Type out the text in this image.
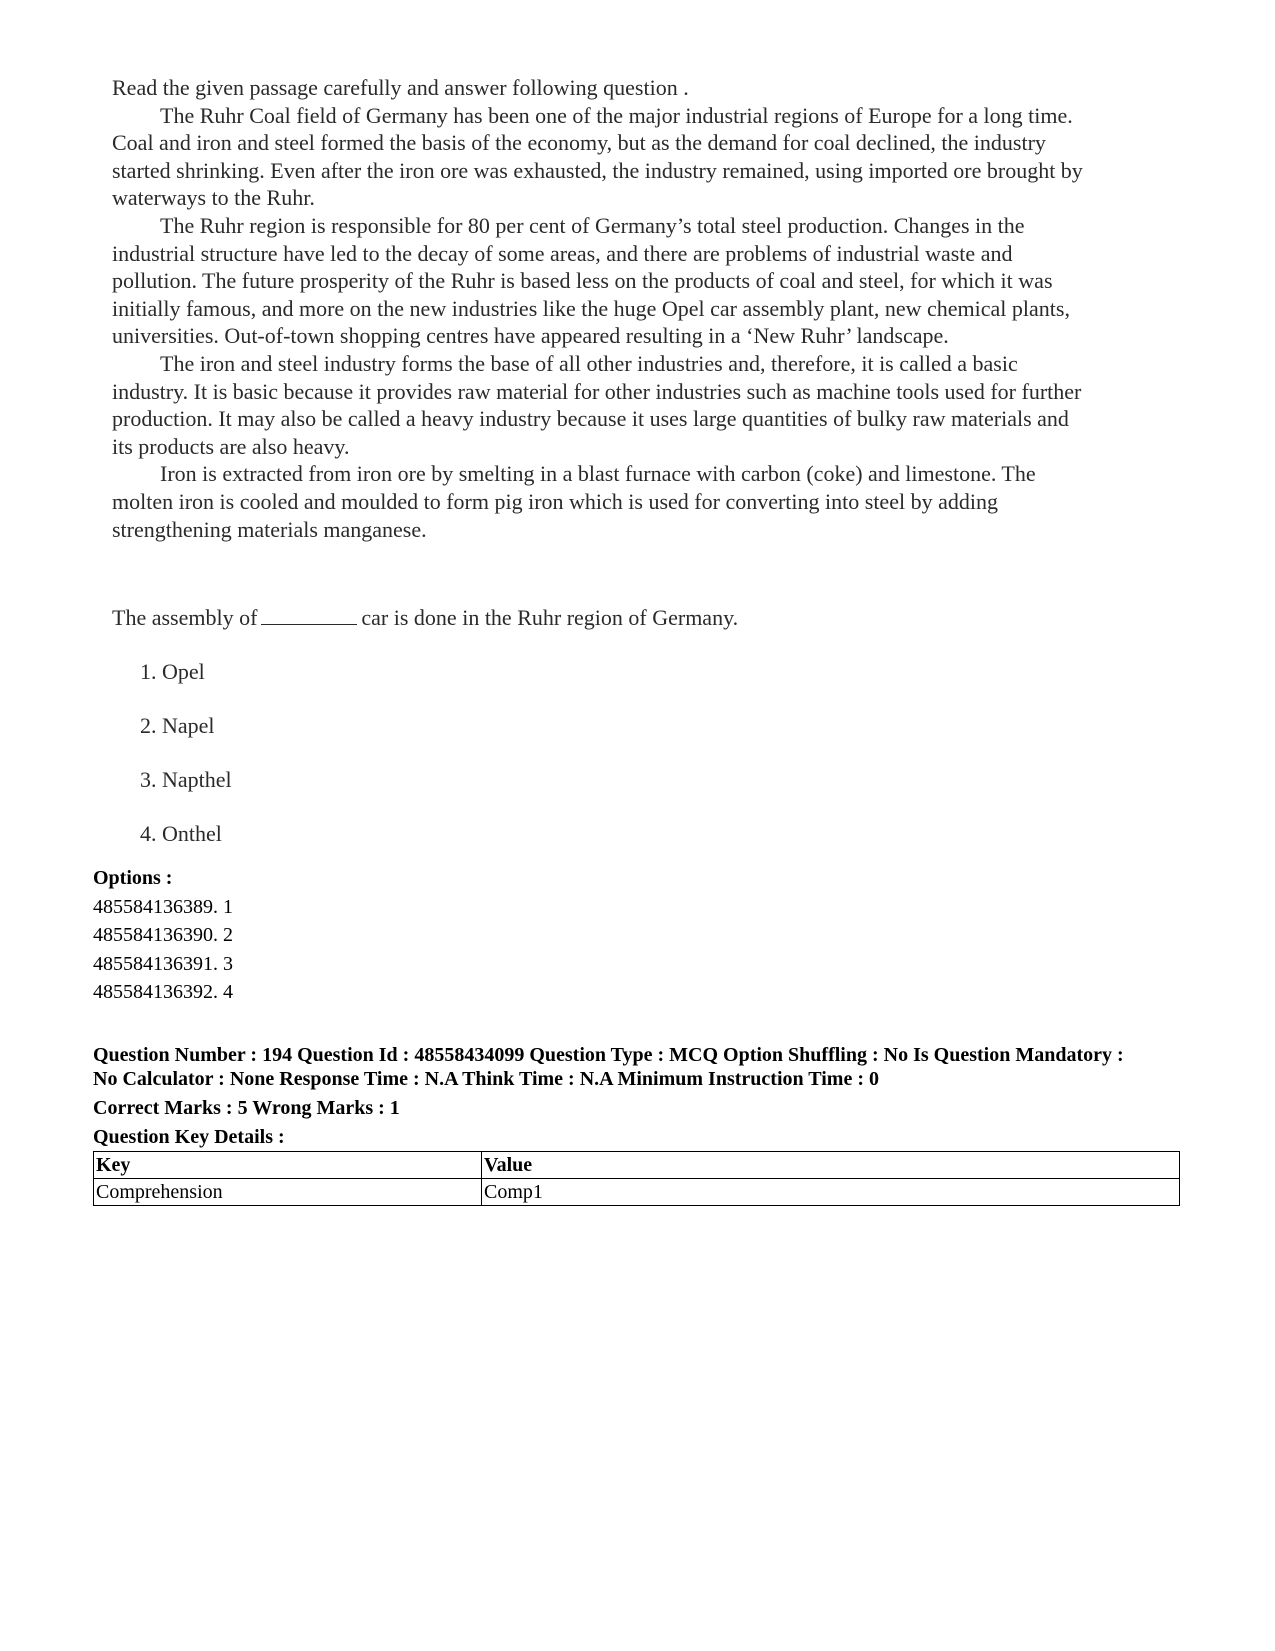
Read the given passage carefully and answer following question .

The Ruhr Coal field of Germany has been one of the major industrial regions of Europe for a long time.

Coal and iron and steel formed the basis of the economy, but as the demand for coal declined, the industry

started shrinking. Even after the iron ore was exhausted, the industry remained, using imported ore brought by

waterways to the Ruhr.

The Ruhr region is responsible for 80 per cent of Germany’s total steel production. Changes in the

industrial structure have led to the decay of some areas, and there are problems of industrial waste and

pollution. The future prosperity of the Ruhr is based less on the products of coal and steel, for which it was

initially famous, and more on the new industries like the huge Opel car assembly plant, new chemical plants,

universities. Out-of-town shopping centres have appeared resulting in a ‘New Ruhr’ landscape.

The iron and steel industry forms the base of all other industries and, therefore, it is called a basic

industry. It is basic because it provides raw material for other industries such as machine tools used for further

production. It may also be called a heavy industry because it uses large quantities of bulky raw materials and

its products are also heavy.

Iron is extracted from iron ore by smelting in a blast furnace with carbon (coke) and limestone. The

molten iron is cooled and moulded to form pig iron which is used for converting into steel by adding

strengthening materials manganese.

The assembly of	car is done in the Ruhr region of Germany.
1. Opel
2. Napel
3. Napthel
4. Onthel
Options :
485584136389. 1
485584136390. 2
485584136391. 3
485584136392. 4
Question Number : 194 Question Id : 48558434099 Question Type : MCQ Option Shuffling : No Is Question Mandatory :
No Calculator : None Response Time : N.A Think Time : N.A Minimum Instruction Time : 0
Correct Marks : 5 Wrong Marks : 1
Question Key Details :
Key	Value
Comprehension	Comp1
